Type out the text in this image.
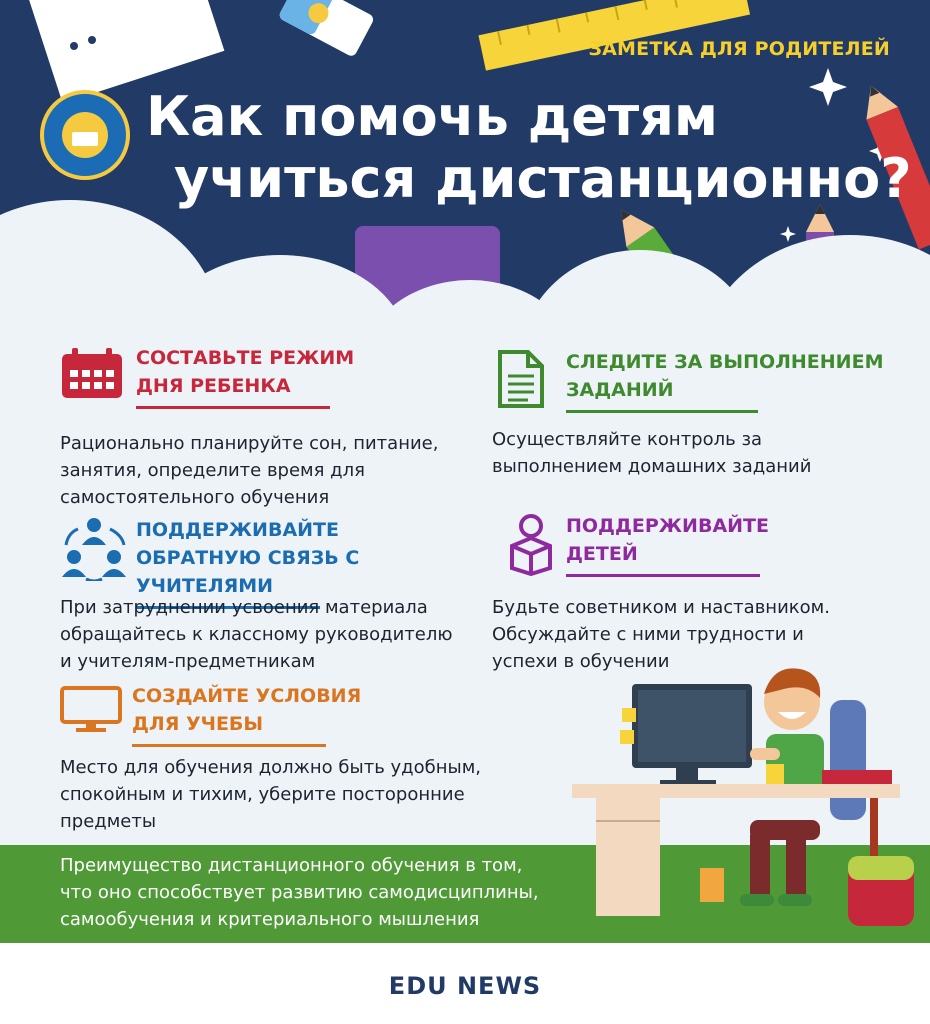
ЗАМЕТКА ДЛЯ РОДИТЕЛЕЙ
Как помочь детям
учиться дистанционно?
СОСТАВЬТЕ РЕЖИМ
ДНЯ РЕБЕНКА
Рационально планируйте сон, питание,
занятия, определите время для
самостоятельного обучения
СЛЕДИТЕ ЗА ВЫПОЛНЕНИЕМ
ЗАДАНИЙ
Осуществляйте контроль за
выполнением домашних заданий
ПОДДЕРЖИВАЙТЕ
ОБРАТНУЮ СВЯЗЬ С УЧИТЕЛЯМИ
При затруднении усвоения материала
обращайтесь к классному руководителю
и учителям-предметникам
ПОДДЕРЖИВАЙТЕ
ДЕТЕЙ
Будьте советником и наставником.
Обсуждайте с ними трудности и
успехи в обучении
СОЗДАЙТЕ УСЛОВИЯ
ДЛЯ УЧЕБЫ
Место для обучения должно быть удобным,
спокойным и тихим, уберите посторонние
предметы
Преимущество дистанционного обучения в том,
что оно способствует развитию самодисциплины,
самообучения и критериального мышления
EDU NEWS
